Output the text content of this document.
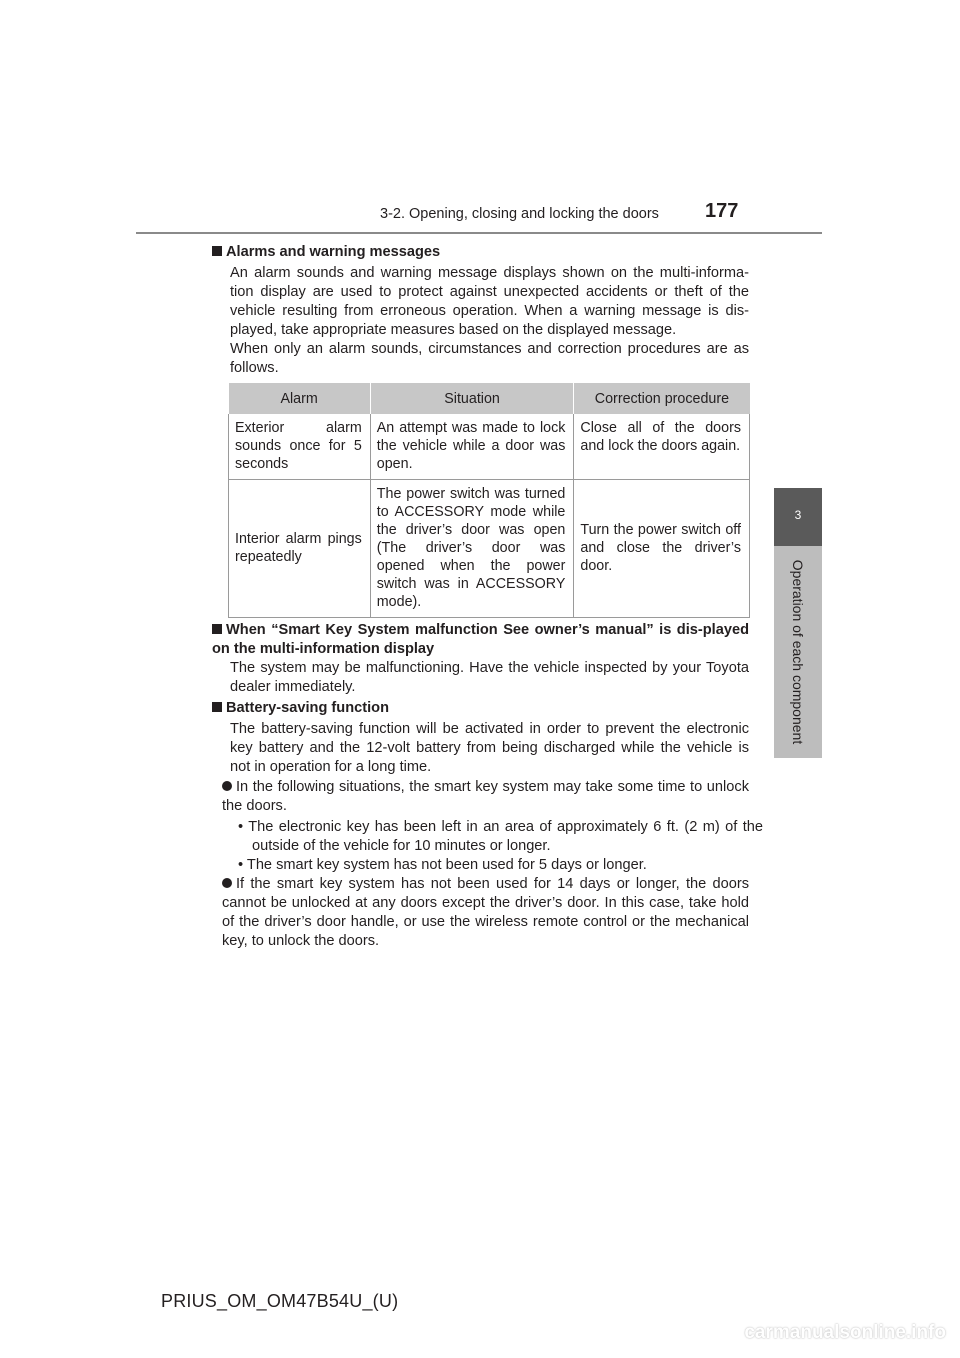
3-2. Opening, closing and locking the doors 177
3
Operation of each component
Alarms and warning messages
An alarm sounds and warning message displays shown on the multi-informa-tion display are used to protect against unexpected accidents or theft of the vehicle resulting from erroneous operation. When a warning message is dis-played, take appropriate measures based on the displayed message.
When only an alarm sounds, circumstances and correction procedures are as follows.
Alarm	Situation	Correction procedure
Exterior alarm sounds once for 5 seconds	An attempt was made to lock the vehicle while a door was open.	Close all of the doors and lock the doors again.
Interior alarm pings repeatedly	The power switch was turned to ACCESSORY mode while the driver’s door was open (The driver’s door was opened when the power switch was in ACCESSORY mode).	Turn the power switch off and close the driver’s door.
When “Smart Key System malfunction See owner’s manual” is dis-played on the multi-information display
The system may be malfunctioning. Have the vehicle inspected by your Toyota dealer immediately.
Battery-saving function
The battery-saving function will be activated in order to prevent the electronic key battery and the 12-volt battery from being discharged while the vehicle is not in operation for a long time.
In the following situations, the smart key system may take some time to unlock the doors.
• The electronic key has been left in an area of approximately 6 ft. (2 m) of the outside of the vehicle for 10 minutes or longer.
• The smart key system has not been used for 5 days or longer.
If the smart key system has not been used for 14 days or longer, the doors cannot be unlocked at any doors except the driver’s door. In this case, take hold of the driver’s door handle, or use the wireless remote control or the mechanical key, to unlock the doors.
PRIUS_OM_OM47B54U_(U)
carmanualsonline.info
